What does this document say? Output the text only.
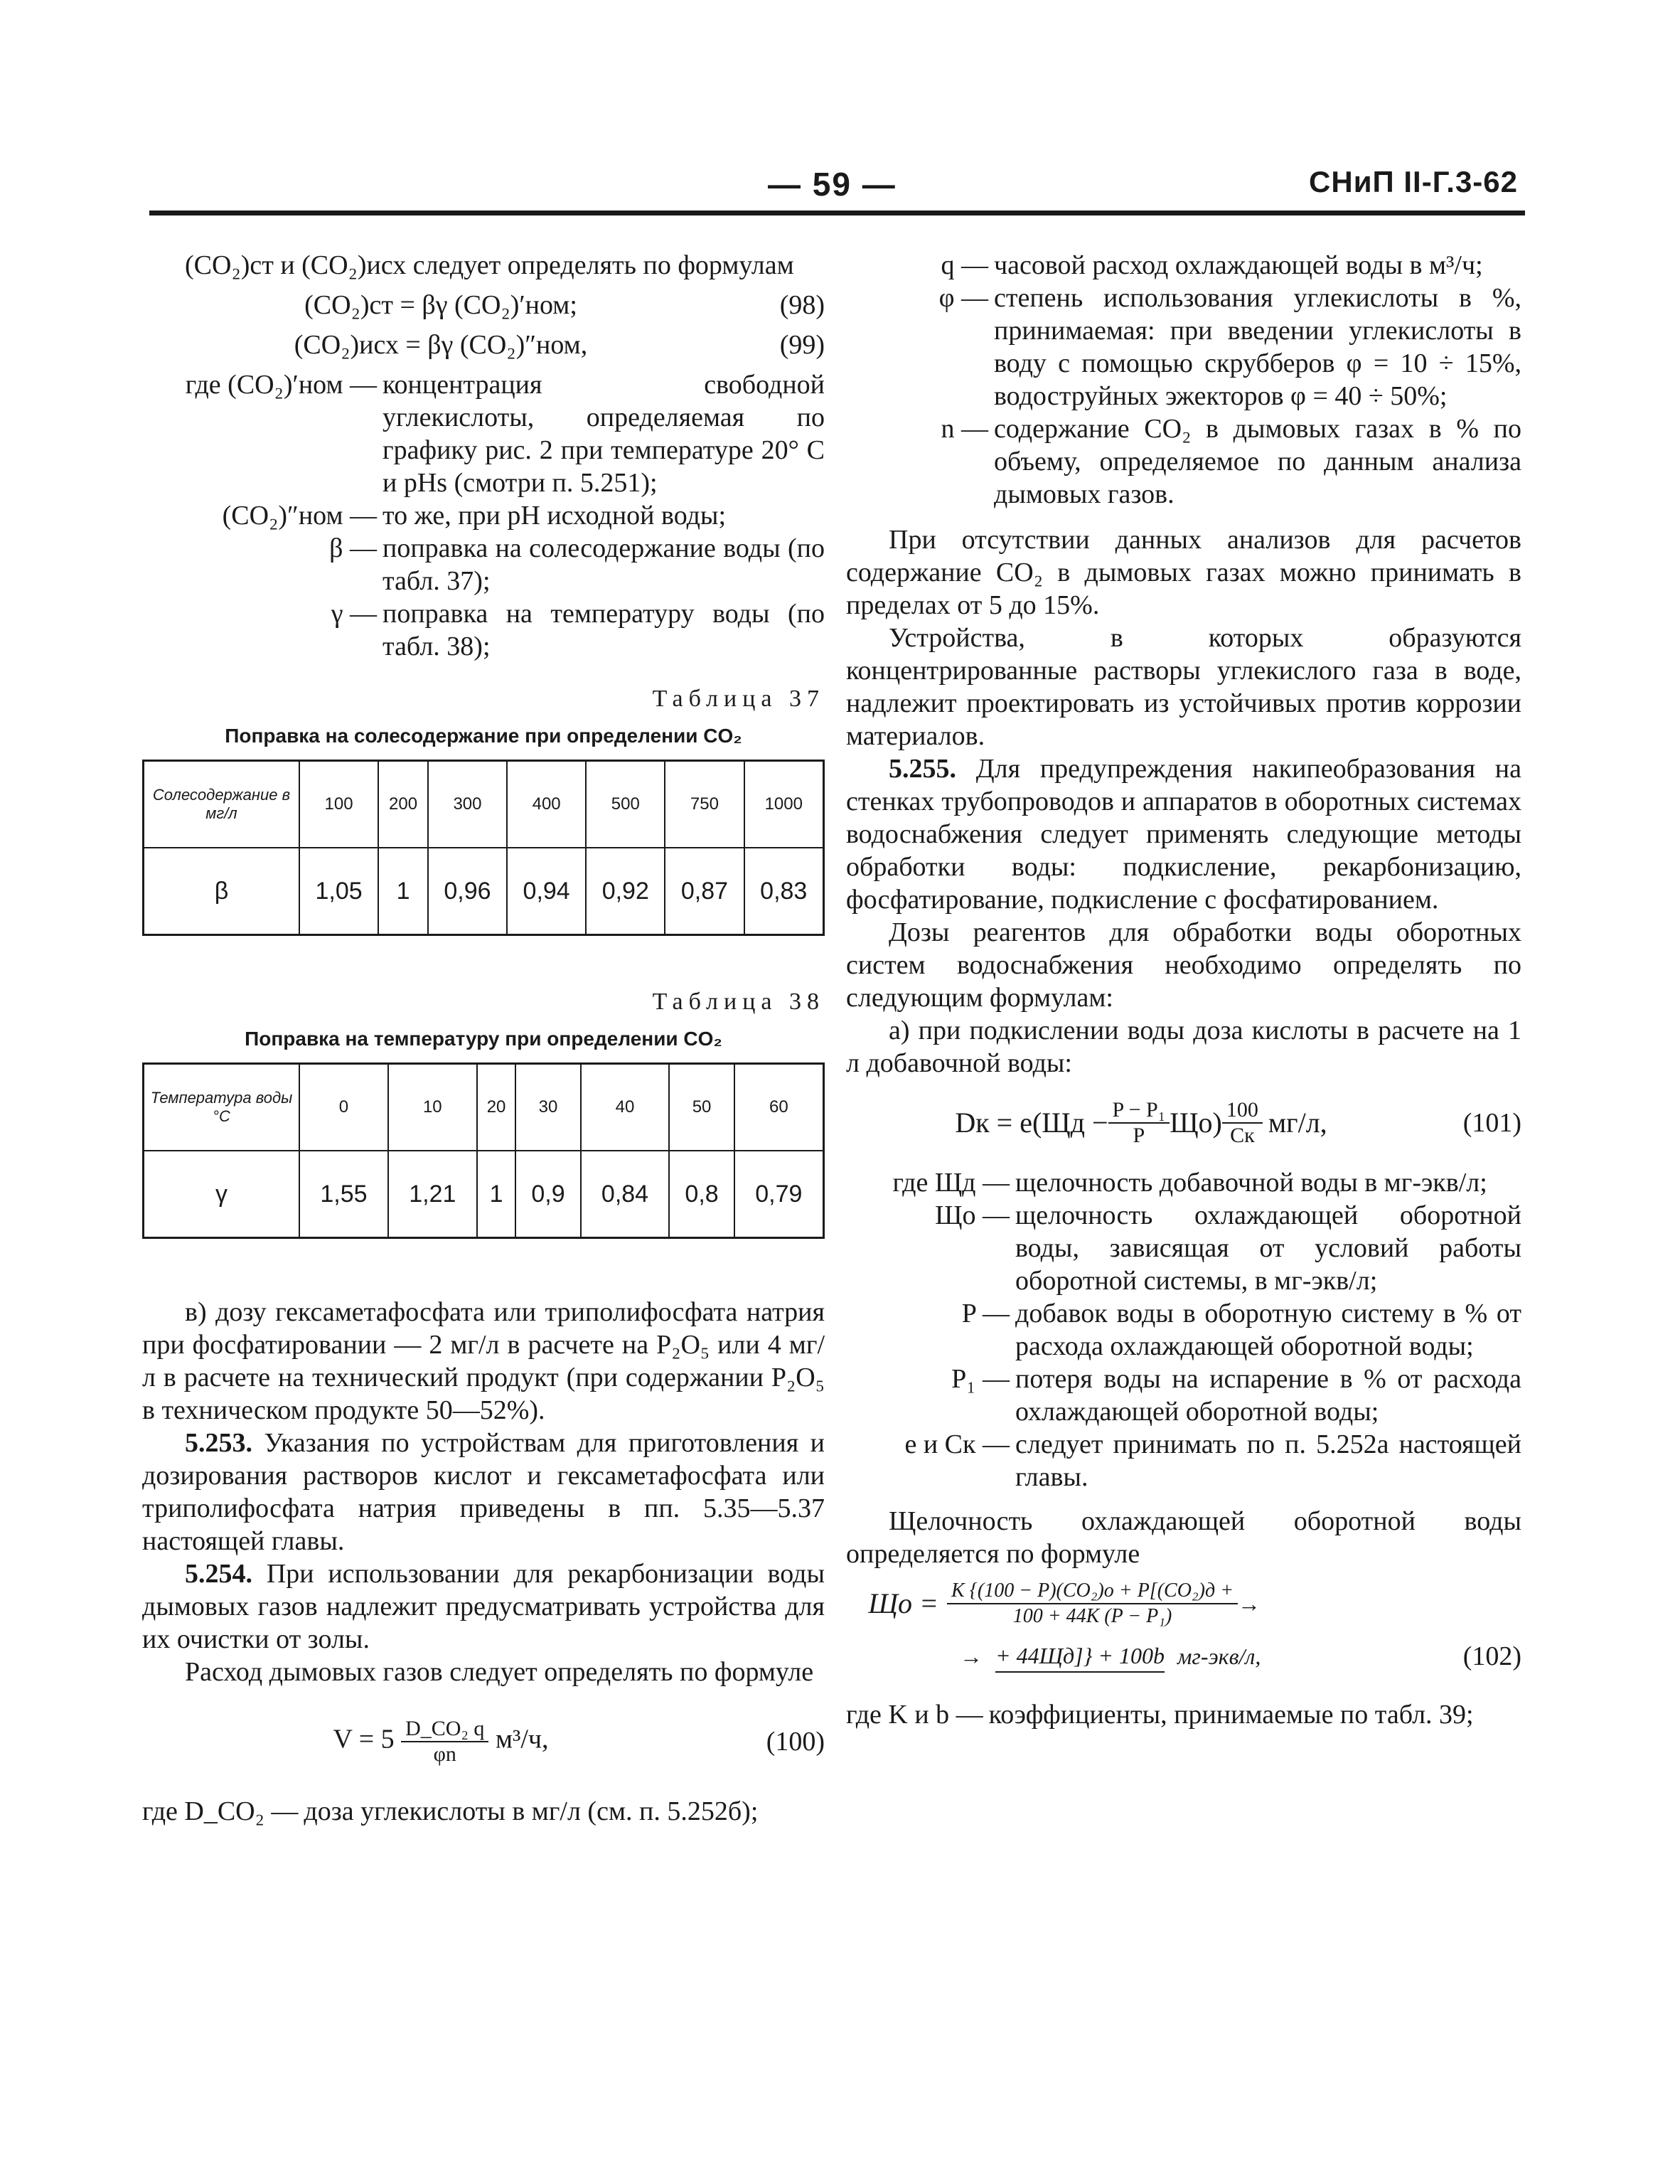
— 59 —	СНиП II-Г.3-62

(CO₂)ст и (CO₂)исх следует определять по формулам

(CO₂)ст = βγ (CO₂)′ном;	(98)
(CO₂)исх = βγ (CO₂)″ном,	(99)
где (CO₂)′ном — концентрация свободной углекислоты, определяемая по графику рис. 2 при температуре 20° С и pHs (смотри п. 5.251);
(CO₂)″ном — то же, при pH исходной воды;
β — поправка на солесодержание воды (по табл. 37);
γ — поправка на температуру воды (по табл. 38);
Таблица 37
Поправка на солесодержание при определении CO₂
Солесодержание в мг/л	100	200	300	400	500	750	1000
β	1,05	1	0,96	0,94	0,92	0,87	0,83
Таблица 38
Поправка на температуру при определении CO₂
Температура воды °С	0	10	20	30	40	50	60
γ	1,55	1,21	1	0,9	0,84	0,8	0,79

в) дозу гексаметафосфата или триполифосфата натрия при фосфатировании — 2 мг/л в расчете на P₂O₅ или 4 мг/л в расчете на технический продукт (при содержании P₂O₅ в техническом продукте 50—52%).

5.253. Указания по устройствам для приготовления и дозирования растворов кислот и гексаметафосфата или триполифосфата натрия приведены в пп. 5.35—5.37 настоящей главы.

5.254. При использовании для рекарбонизации воды дымовых газов надлежит предусматривать устройства для их очистки от золы.

Расход дымовых газов следует определять по формуле

$V = 5 \frac{\text{D\_CO₂ q}}{\varphi n} м^3/ч$,	(100)
где D_CO₂ — доза углекислоты в мг/л (см. п. 5.252б);
q — часовой расход охлаждающей воды в м³/ч;
φ — степень использования углекислоты в %, принимаемая: при введении углекислоты в воду с помощью скрубберов φ = 10 ÷ 15%, водоструйных эжекторов φ = 40 ÷ 50%;
n — содержание CO₂ в дымовых газах в % по объему, определяемое по данным анализа дымовых газов.

При отсутствии данных анализов для расчетов содержание CO₂ в дымовых газах можно принимать в пределах от 5 до 15%.

Устройства, в которых образуются концентрированные растворы углекислого газа в воде, надлежит проектировать из устойчивых против коррозии материалов.

5.255. Для предупреждения накипеобразования на стенках трубопроводов и аппаратов в оборотных системах водоснабжения следует применять следующие методы обработки воды: подкисление, рекарбонизацию, фосфатирование, подкисление с фосфатированием.

Дозы реагентов для обработки воды оборотных систем водоснабжения необходимо определять по следующим формулам:

а) при подкислении воды доза кислоты в расчете на 1 л добавочной воды:

Dк = $e(Щд - \frac{\text{P − P₁}}{P} Що) \frac{100}{Cк} мг/л$,	(101)
где Щд — щелочность добавочной воды в мг-экв/л;
Що — щелочность охлаждающей оборотной воды, зависящая от условий работы оборотной системы, в мг-экв/л;
P — добавок воды в оборотную систему в % от расхода охлаждающей оборотной воды;
P₁ — потеря воды на испарение в % от расхода охлаждающей оборотной воды;
e и Cк — следует принимать по п. 5.252а настоящей главы.

Щелочность охлаждающей оборотной воды определяется по формуле

Що = $\frac{\text{K \{(100 − P)(CO₂)о + P[(CO₂)д +}}{\text{100 + 44K (P − P₁)}}$ →
→ + 44Щд]} + 100b мг-экв/л,	(102)
где K и b — коэффициенты, принимаемые по табл. 39;
